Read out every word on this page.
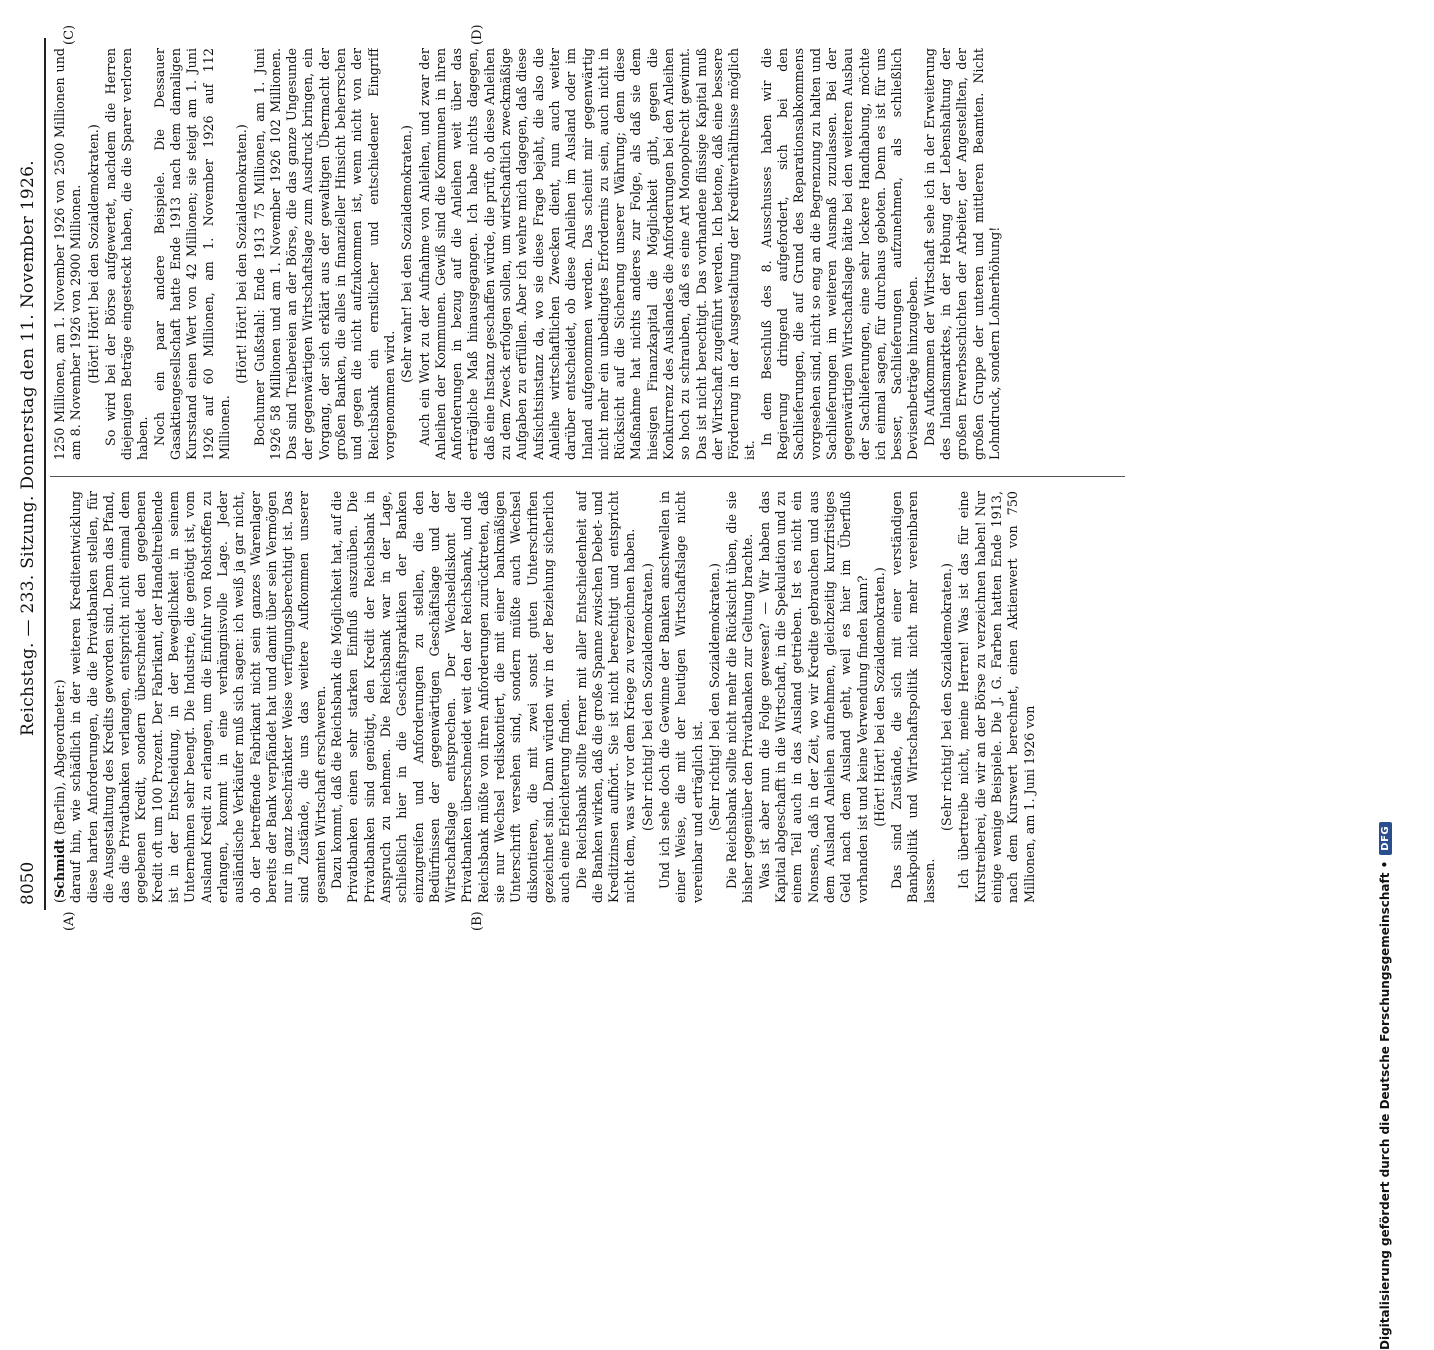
8050
Reichstag. — 233. Sitzung. Donnerstag den 11. November 1926.
(A)	(B)
(C)	(D)

(Schmidt (Berlin), Abgeordneter:) darauf hin, wie schädlich in der weiteren Kreditentwicklung diese harten Anforderungen, die die Privatbanken stellen, für die Ausgestaltung des Kredits geworden sind. Denn das Pfand, das die Privatbanken verlangen, entspricht nicht einmal dem gegebenen Kredit, sondern überschneidet den gegebenen Kredit oft um 100 Prozent. Der Fabrikant, der Handeltreibende ist in der Entscheidung, in der Beweglichkeit in seinem Unternehmen sehr beengt. Die Industrie, die genötigt ist, vom Ausland Kredit zu erlangen, um die Einfuhr von Rohstoffen zu erlangen, kommt in eine verhängnisvolle Lage. Jeder ausländische Verkäufer muß sich sagen: ich weiß ja gar nicht, ob der betreffende Fabrikant nicht sein ganzes Warenlager bereits der Bank verpfändet hat und damit über sein Vermögen nur in ganz beschränkter Weise verfügungsberechtigt ist. Das sind Zustände, die uns das weitere Aufkommen unserer gesamten Wirtschaft erschweren. Dazu kommt, daß die Reichsbank die Möglichkeit hat, auf die Privatbanken einen sehr starken Einfluß auszuüben. Die Privatbanken sind genötigt, den Kredit der Reichsbank in Anspruch zu nehmen. Die Reichsbank war in der Lage, schließlich hier in die Geschäftspraktiken der Banken einzugreifen und Anforderungen zu stellen, die den Bedürfnissen der gegenwärtigen Geschäftslage und der Wirtschaftslage entsprechen. Der Wechseldiskont der Privatbanken überschneidet weit den der Reichsbank, und die Reichsbank müßte von ihren Anforderungen zurücktreten, daß sie nur Wechsel rediskontiert, die mit einer bankmäßigen Unterschrift versehen sind, sondern müßte auch Wechsel diskontieren, die mit zwei sonst guten Unterschriften gezeichnet sind. Dann würden wir in der Beziehung sicherlich auch eine Erleichterung finden. Die Reichsbank sollte ferner mit aller Entschiedenheit auf die Banken wirken, daß die große Spanne zwischen Debet- und Kreditzinsen aufhört. Sie ist nicht berechtigt und entspricht nicht dem, was wir vor dem Kriege zu verzeichnen haben. (Sehr richtig! bei den Sozialdemokraten.) Und ich sehe doch die Gewinne der Banken anschwellen in einer Weise, die mit der heutigen Wirtschaftslage nicht vereinbar und erträglich ist. (Sehr richtig! bei den Sozialdemokraten.) Die Reichsbank sollte nicht mehr die Rücksicht üben, die sie bisher gegenüber den Privatbanken zur Geltung brachte. Was ist aber nun die Folge gewesen? — Wir haben das Kapital abgeschafft in die Wirtschaft, in die Spekulation und zu einem Teil auch in das Ausland getrieben. Ist es nicht ein Nonsens, daß in der Zeit, wo wir Kredite gebrauchen und aus dem Ausland Anleihen aufnehmen, gleichzeitig kurzfristiges Geld nach dem Ausland geht, weil es hier im Überfluß vorhanden ist und keine Verwendung finden kann? (Hört! Hört! bei den Sozialdemokraten.) Das sind Zustände, die sich mit einer verständigen Bankpolitik und Wirtschaftspolitik nicht mehr vereinbaren lassen.

(Sehr richtig! bei den Sozialdemokraten.) Ich übertreibe nicht, meine Herren! Was ist das für eine Kurstreiberei, die wir an der Börse zu verzeichnen haben! Nur einige wenige Beispiele. Die J. G. Farben hatten Ende 1913, nach dem Kurswert berechnet, einen Aktienwert von 750 Millionen, am 1. Juni 1926 von

1250 Millionen, am 1. November 1926 von 2500 Millionen und am 8. November 1926 von 2900 Millionen. (Hört! Hört! bei den Sozialdemokraten.) So wird bei der Börse aufgewertet, nachdem die Herren diejenigen Beträge eingesteckt haben, die die Sparer verloren haben. Noch ein paar andere Beispiele. Die Dessauer Gasaktiengesellschaft hatte Ende 1913 nach dem damaligen Kursstand einen Wert von 42 Millionen; sie steigt am 1. Juni 1926 auf 60 Millionen, am 1. November 1926 auf 112 Millionen.

(Hört! Hört! bei den Sozialdemokraten.) Bochumer Gußstahl: Ende 1913 75 Millionen, am 1. Juni 1926 58 Millionen und am 1. November 1926 102 Millionen. Das sind Treibereien an der Börse, die das ganze Ungesunde der gegenwärtigen Wirtschaftslage zum Ausdruck bringen, ein Vorgang, der sich erklärt aus der gewaltigen Übermacht der großen Banken, die alles in finanzieller Hinsicht beherrschen und gegen die nicht aufzukommen ist, wenn nicht von der Reichsbank ein ernstlicher und entschiedener Eingriff vorgenommen wird.

(Sehr wahr! bei den Sozialdemokraten.) Auch ein Wort zu der Aufnahme von Anleihen, und zwar der Anleihen der Kommunen. Gewiß sind die Kommunen in ihren Anforderungen in bezug auf die Anleihen weit über das erträgliche Maß hinausgegangen. Ich habe nichts dagegen, daß eine Instanz geschaffen würde, die prüft, ob diese Anleihen zu dem Zweck erfolgen sollen, um wirtschaftlich zweckmäßige Aufgaben zu erfüllen. Aber ich wehre mich dagegen, daß diese Aufsichtsinstanz da, wo sie diese Frage bejaht, die also die Anleihe wirtschaftlichen Zwecken dient, nun auch weiter darüber entscheidet, ob diese Anleihen im Ausland oder im Inland aufgenommen werden. Das scheint mir gegenwärtig nicht mehr ein unbedingtes Erfordernis zu sein, auch nicht in Rücksicht auf die Sicherung unserer Währung; denn diese Maßnahme hat nichts anderes zur Folge, als daß sie dem hiesigen Finanzkapital die Möglichkeit gibt, gegen die Konkurrenz des Auslandes die Anforderungen bei den Anleihen so hoch zu schrauben, daß es eine Art Monopolrecht gewinnt. Das ist nicht berechtigt. Das vorhandene flüssige Kapital muß der Wirtschaft zugeführt werden. Ich betone, daß eine bessere Förderung in der Ausgestaltung der Kreditverhältnisse möglich ist.

In dem Beschluß des 8. Ausschusses haben wir die Regierung dringend aufgefordert, sich bei den Sachlieferungen, die auf Grund des Reparationsabkommens vorgesehen sind, nicht so eng an die Begrenzung zu halten und Sachlieferungen im weiteren Ausmaß zuzulassen. Bei der gegenwärtigen Wirtschaftslage hätte bei den weiteren Ausbau der Sachlieferungen, eine sehr lockere Handhabung, möchte ich einmal sagen, für durchaus geboten. Denn es ist für uns besser, Sachlieferungen aufzunehmen, als schließlich Devisenbeträge hinzugeben. Das Aufkommen der Wirtschaft sehe ich in der Erweiterung des Inlandsmarktes, in der Hebung der Lebenshaltung der großen Erwerbsschichten der Arbeiter, der Angestellten, der großen Gruppe der unteren und mittleren Beamten. Nicht Lohndruck, sondern Lohnerhöhung!

Digitalisierung gefördert durch die Deutsche Forschungsgemeinschaft •
DFG
